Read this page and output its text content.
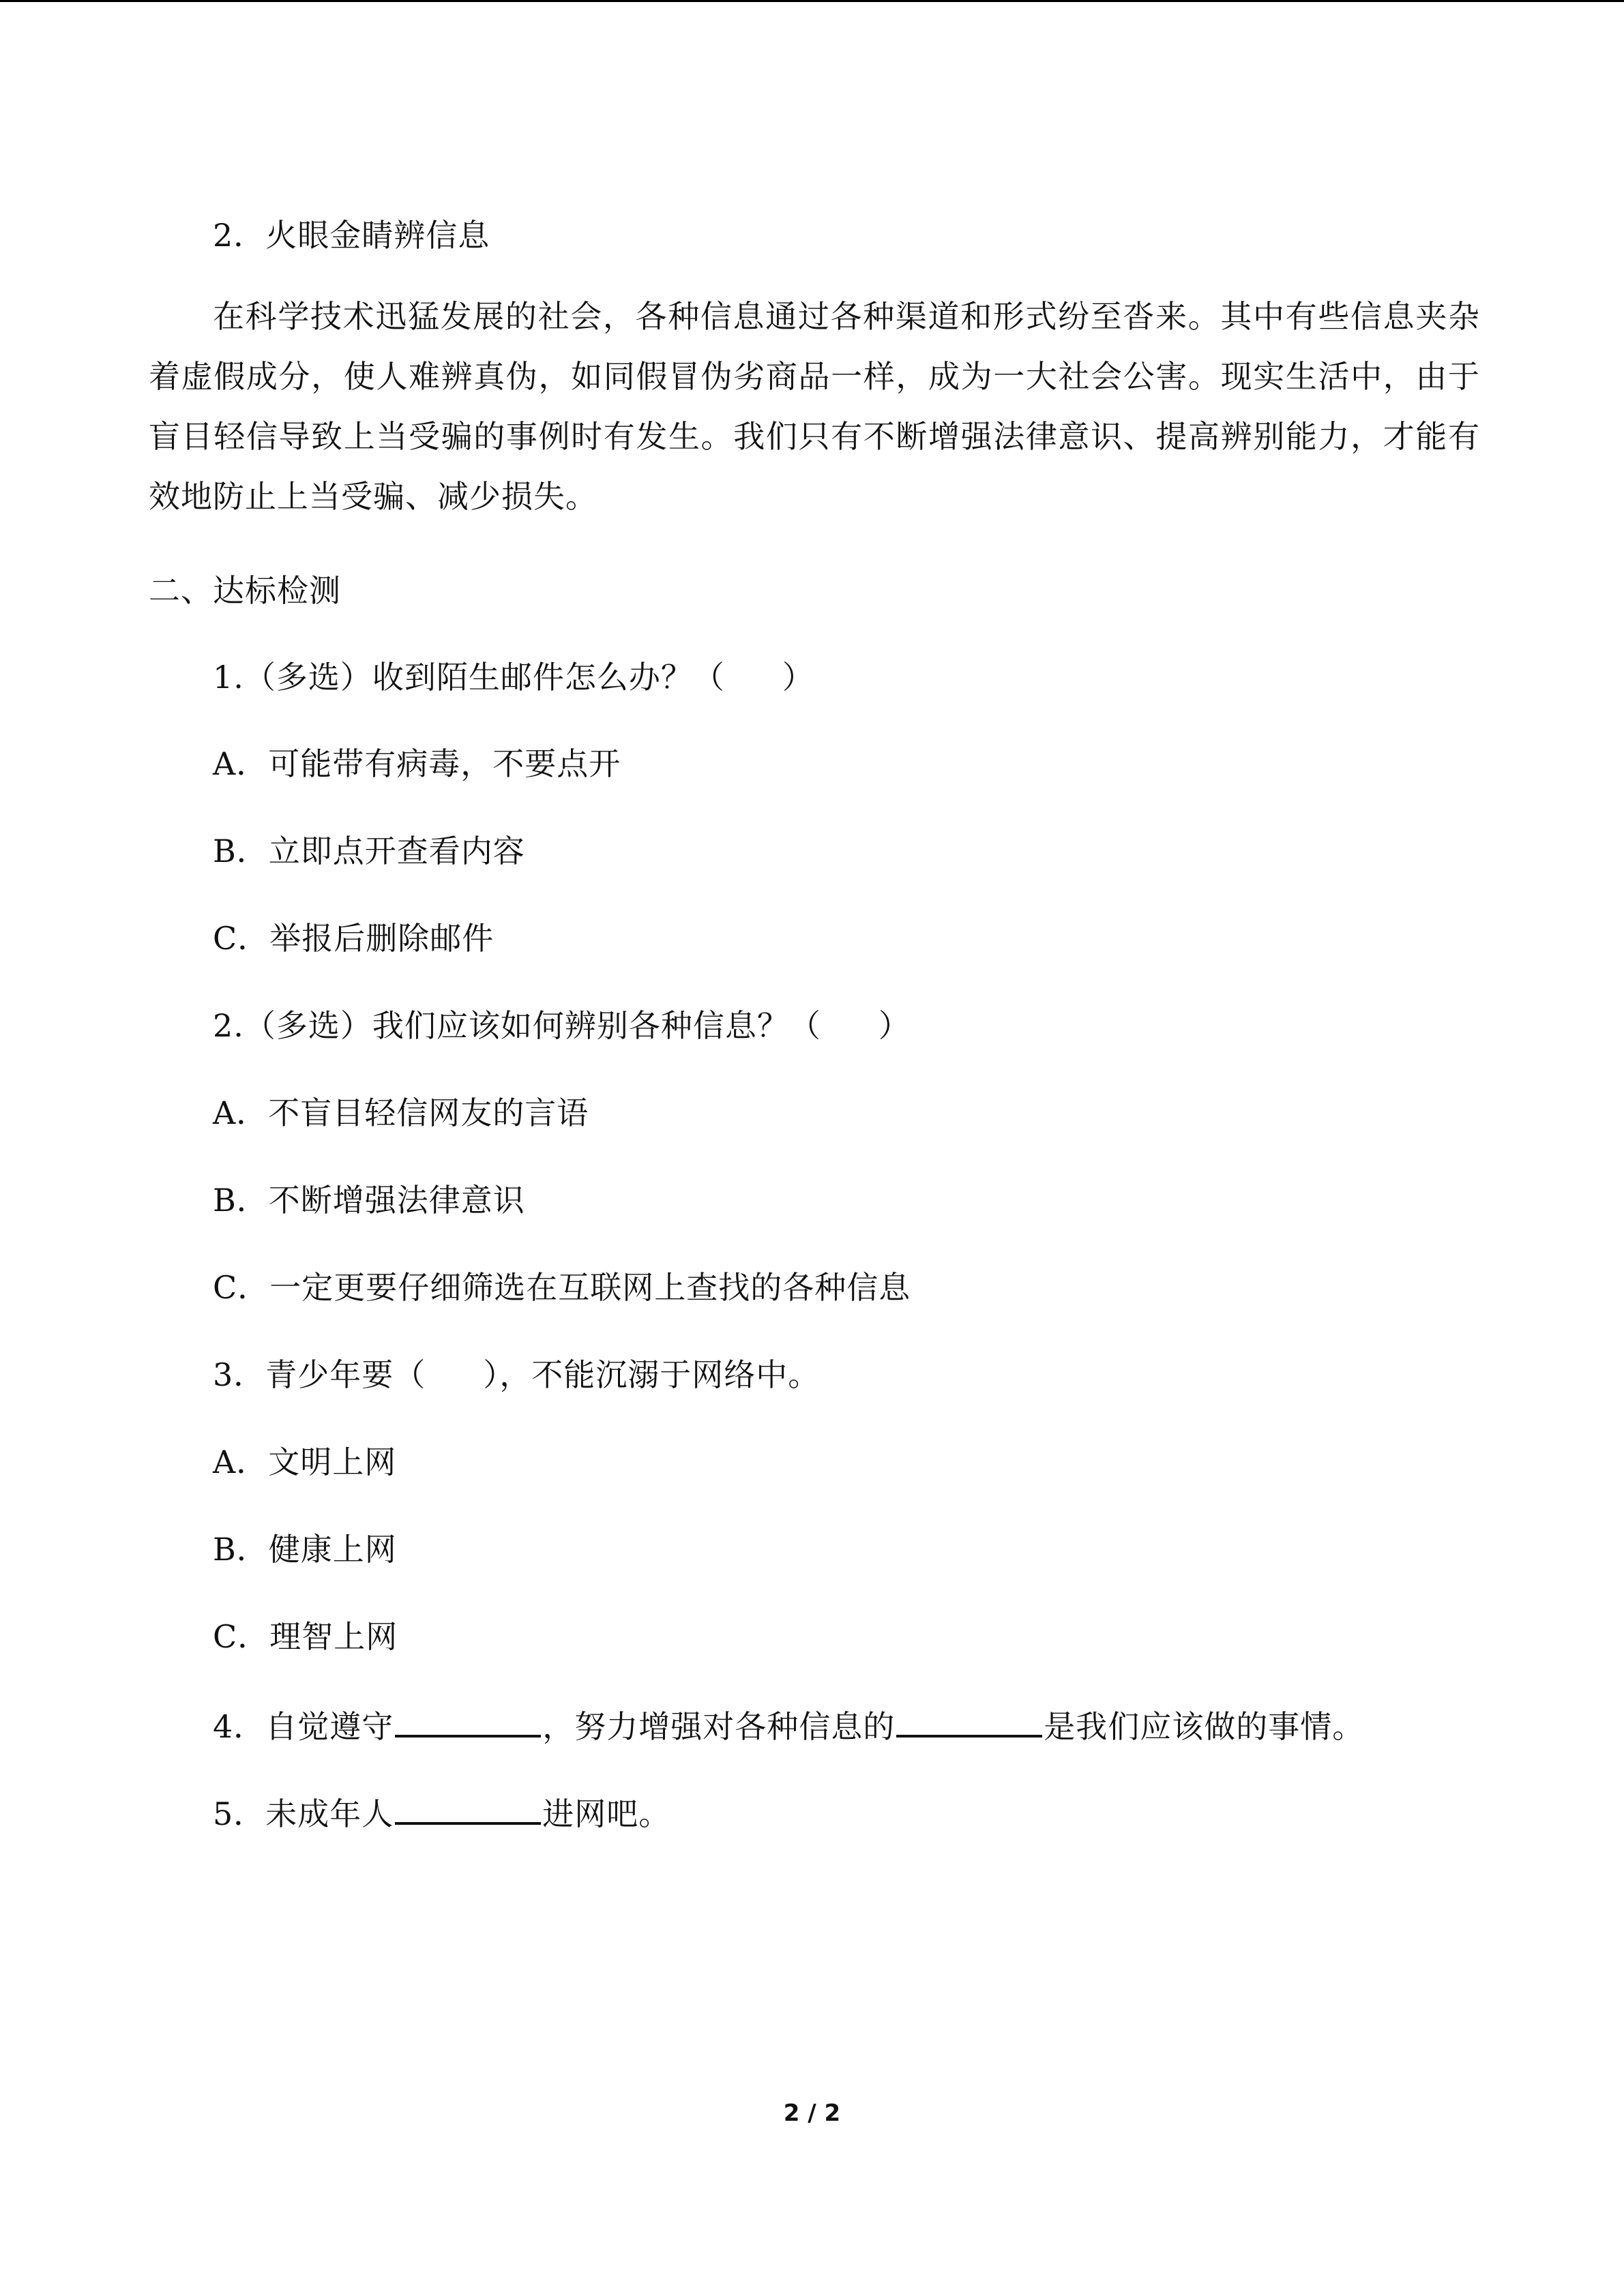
2．火眼金睛辨信息
在科学技术迅猛发展的社会，各种信息通过各种渠道和形式纷至沓来。其中有些信息夹杂着虚假成分，使人难辨真伪，如同假冒伪劣商品一样，成为一大社会公害。现实生活中，由于盲目轻信导致上当受骗的事例时有发生。我们只有不断增强法律意识、提高辨别能力，才能有效地防止上当受骗、减少损失。
二、达标检测
1.（多选）收到陌生邮件怎么办？（ ）
A．可能带有病毒，不要点开
B．立即点开查看内容
C．举报后删除邮件
2.（多选）我们应该如何辨别各种信息？（ ）
A．不盲目轻信网友的言语
B．不断增强法律意识
C．一定更要仔细筛选在互联网上查找的各种信息
3．青少年要（ ），不能沉溺于网络中。
A．文明上网
B．健康上网
C．理智上网
4．自觉遵守	，努力增强对各种信息的	是我们应该做的事情。
5．未成年人	进网吧。
2 / 2
